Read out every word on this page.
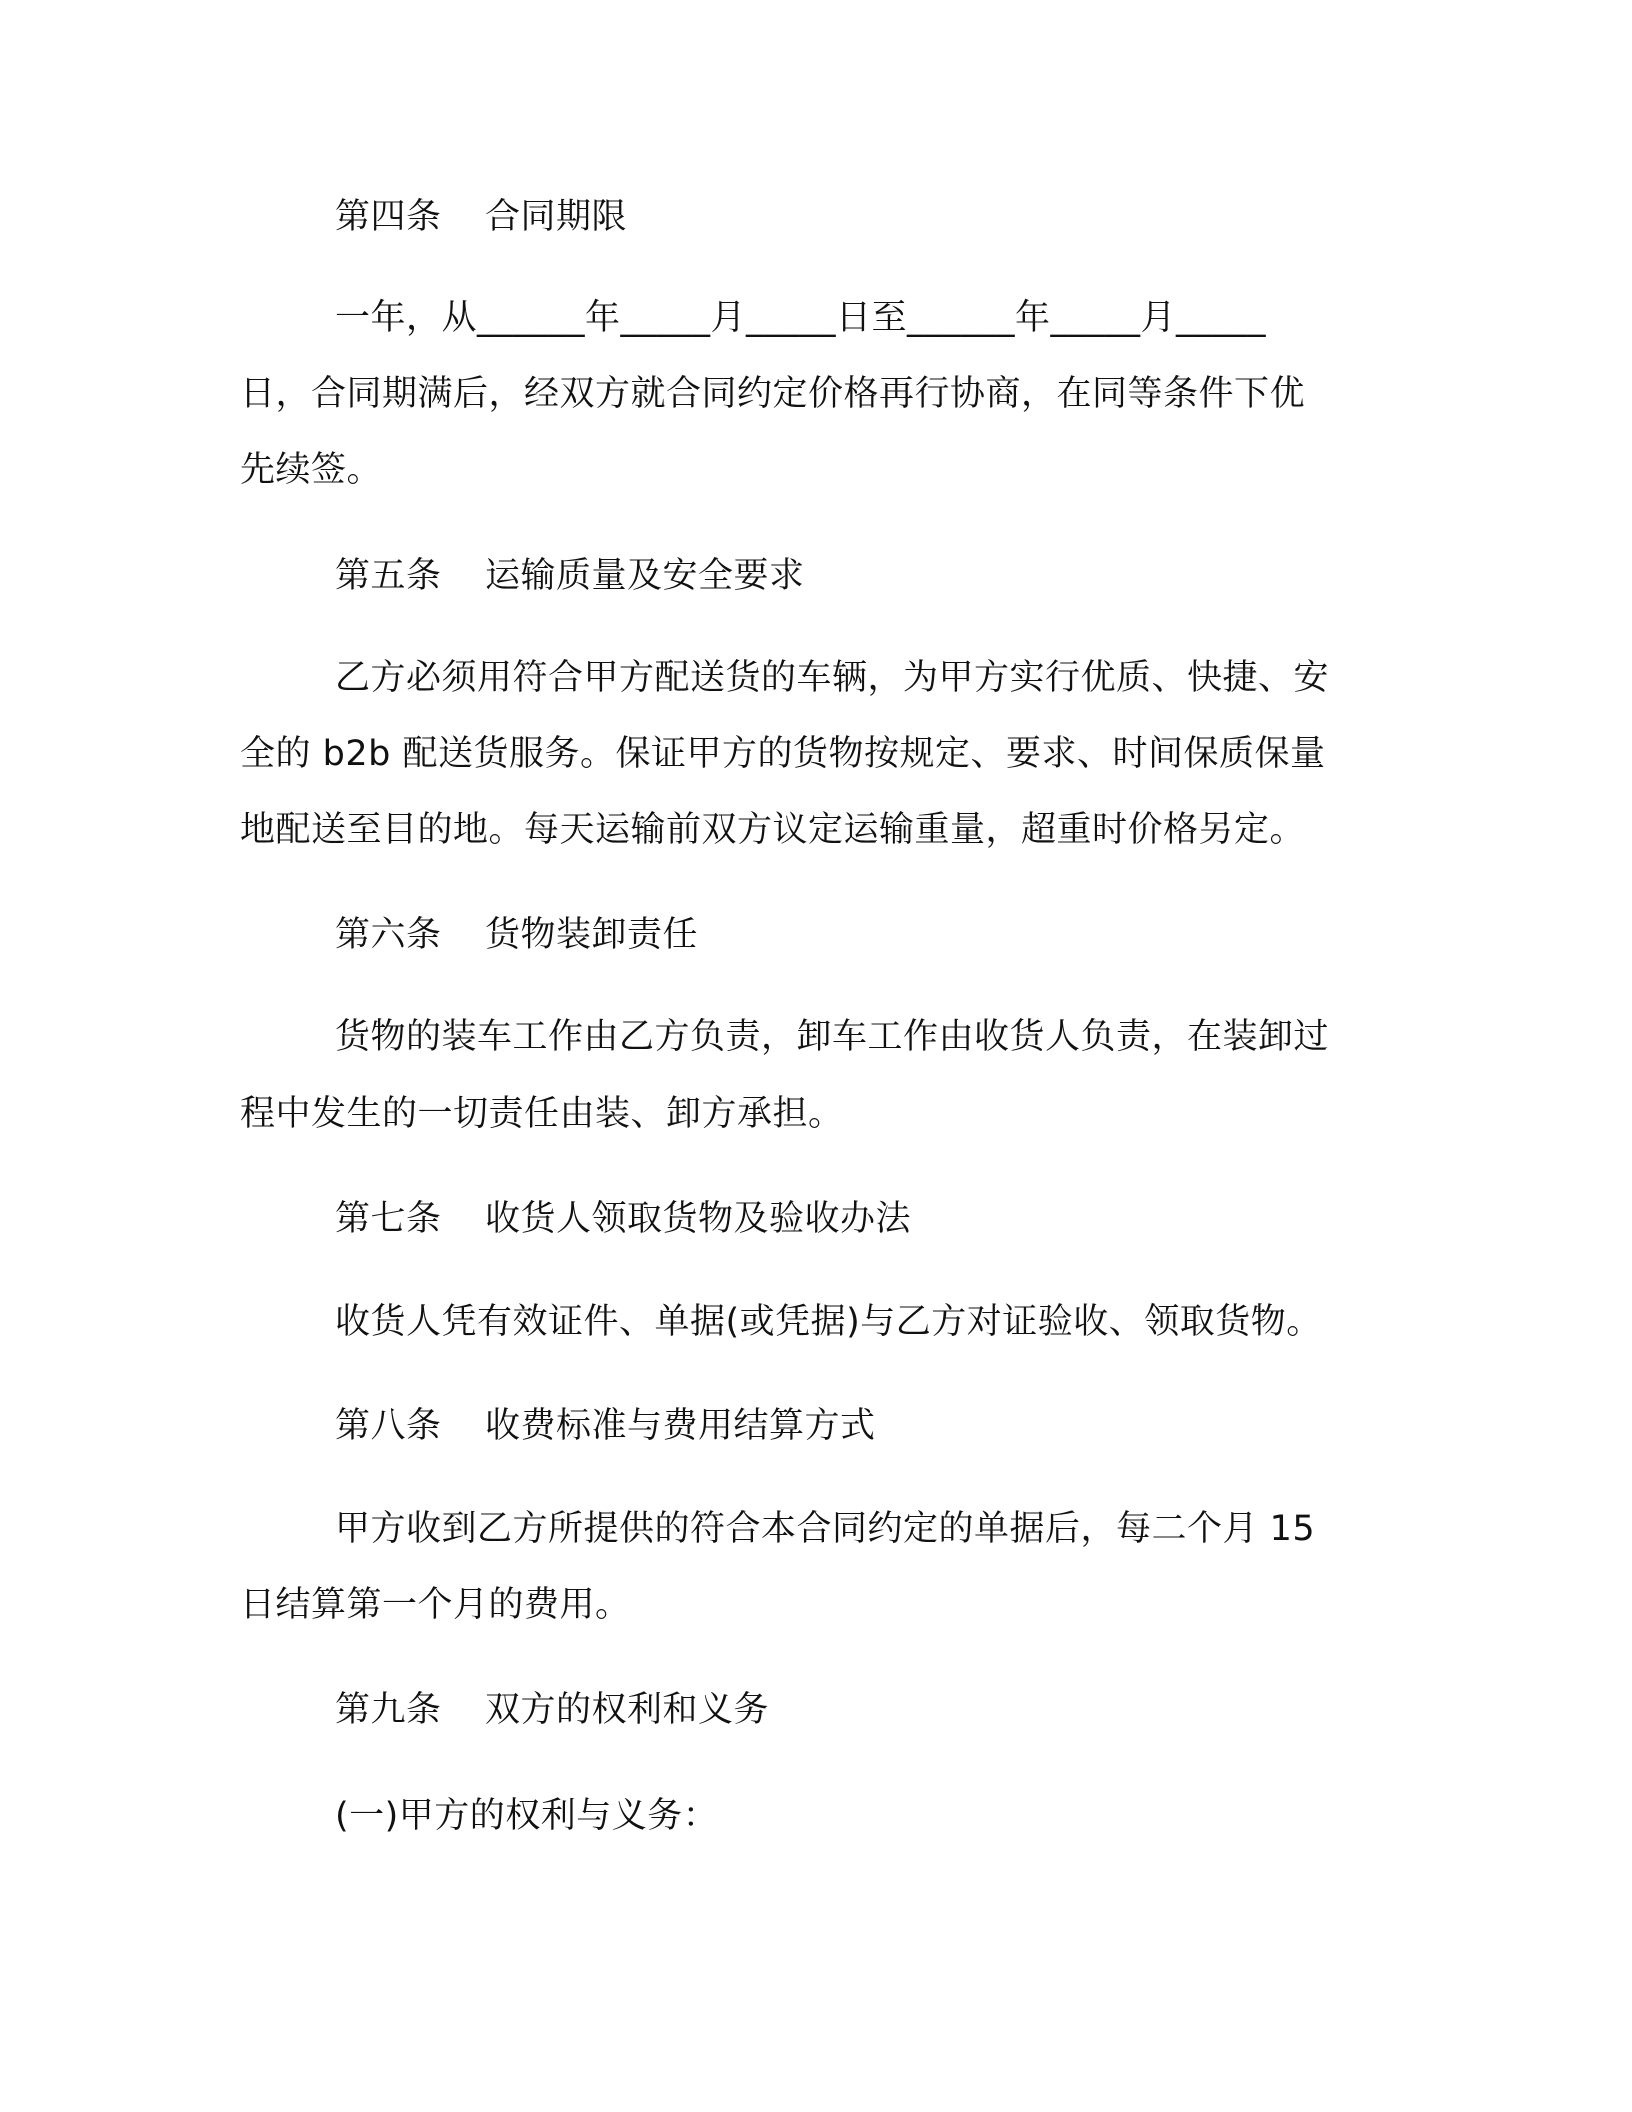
第四条 合同期限
一年，从______年_____月_____日至______年_____月_____
日，合同期满后，经双方就合同约定价格再行协商，在同等条件下优
先续签。
第五条 运输质量及安全要求
乙方必须用符合甲方配送货的车辆，为甲方实行优质、快捷、安
全的 b2b 配送货服务。保证甲方的货物按规定、要求、时间保质保量
地配送至目的地。每天运输前双方议定运输重量，超重时价格另定。
第六条 货物装卸责任
货物的装车工作由乙方负责，卸车工作由收货人负责，在装卸过
程中发生的一切责任由装、卸方承担。
第七条 收货人领取货物及验收办法
收货人凭有效证件、单据(或凭据)与乙方对证验收、领取货物。
第八条 收费标准与费用结算方式
甲方收到乙方所提供的符合本合同约定的单据后，每二个月 15
日结算第一个月的费用。
第九条 双方的权利和义务
(一)甲方的权利与义务：
